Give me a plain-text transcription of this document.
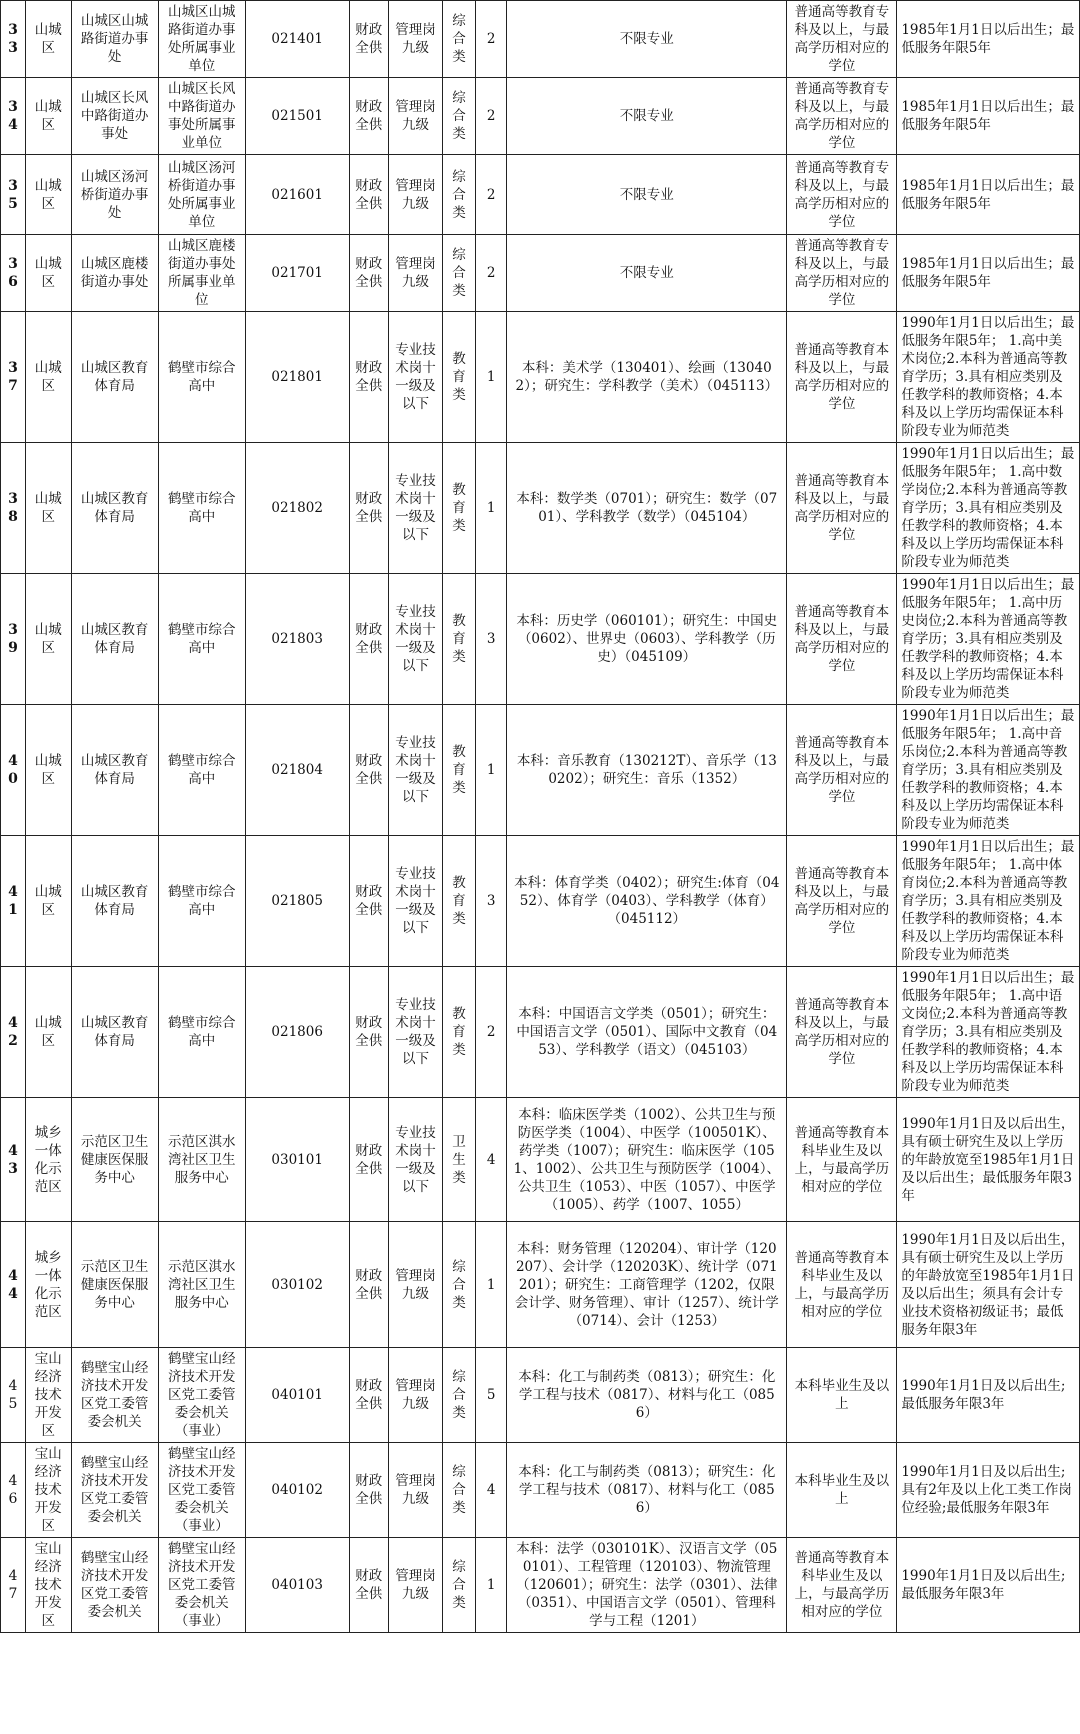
33	山城区	山城区山城路街道办事处	山城区山城路街道办事处所属事业单位	021401	财政全供	管理岗九级	综合类	2	不限专业	普通高等教育专科及以上，与最高学历相对应的学位	1985年1月1日以后出生；最低服务年限5年
34	山城区	山城区长风中路街道办事处	山城区长风中路街道办事处所属事业单位	021501	财政全供	管理岗九级	综合类	2	不限专业	普通高等教育专科及以上，与最高学历相对应的学位	1985年1月1日以后出生；最低服务年限5年
35	山城区	山城区汤河桥街道办事处	山城区汤河桥街道办事处所属事业单位	021601	财政全供	管理岗九级	综合类	2	不限专业	普通高等教育专科及以上，与最高学历相对应的学位	1985年1月1日以后出生；最低服务年限5年
36	山城区	山城区鹿楼街道办事处	山城区鹿楼街道办事处所属事业单位	021701	财政全供	管理岗九级	综合类	2	不限专业	普通高等教育专科及以上，与最高学历相对应的学位	1985年1月1日以后出生；最低服务年限5年
37	山城区	山城区教育体育局	鹤壁市综合高中	021801	财政全供	专业技术岗十一级及以下	教育类	1	本科：美术学（130401）、绘画（130402）；研究生：学科教学（美术）（045113）	普通高等教育本科及以上，与最高学历相对应的学位	1990年1月1日以后出生；最低服务年限5年； 1.高中美术岗位;2.本科为普通高等教育学历；3.具有相应类别及任教学科的教师资格；4.本科及以上学历均需保证本科阶段专业为师范类
38	山城区	山城区教育体育局	鹤壁市综合高中	021802	财政全供	专业技术岗十一级及以下	教育类	1	本科：数学类（0701）；研究生：数学（0701）、学科教学（数学）（045104）	普通高等教育本科及以上，与最高学历相对应的学位	1990年1月1日以后出生；最低服务年限5年； 1.高中数学岗位;2.本科为普通高等教育学历；3.具有相应类别及任教学科的教师资格；4.本科及以上学历均需保证本科阶段专业为师范类
39	山城区	山城区教育体育局	鹤壁市综合高中	021803	财政全供	专业技术岗十一级及以下	教育类	3	本科：历史学（060101）；研究生：中国史（0602）、世界史（0603）、学科教学（历史）（045109）	普通高等教育本科及以上，与最高学历相对应的学位	1990年1月1日以后出生；最低服务年限5年； 1.高中历史岗位;2.本科为普通高等教育学历；3.具有相应类别及任教学科的教师资格；4.本科及以上学历均需保证本科阶段专业为师范类
40	山城区	山城区教育体育局	鹤壁市综合高中	021804	财政全供	专业技术岗十一级及以下	教育类	1	本科：音乐教育（130212T）、音乐学（130202）；研究生：音乐（1352）	普通高等教育本科及以上，与最高学历相对应的学位	1990年1月1日以后出生；最低服务年限5年； 1.高中音乐岗位;2.本科为普通高等教育学历；3.具有相应类别及任教学科的教师资格；4.本科及以上学历均需保证本科阶段专业为师范类
41	山城区	山城区教育体育局	鹤壁市综合高中	021805	财政全供	专业技术岗十一级及以下	教育类	3	本科：体育学类（0402）；研究生:体育（0452）、体育学（0403）、学科教学（体育）（045112）	普通高等教育本科及以上，与最高学历相对应的学位	1990年1月1日以后出生；最低服务年限5年； 1.高中体育岗位;2.本科为普通高等教育学历；3.具有相应类别及任教学科的教师资格；4.本科及以上学历均需保证本科阶段专业为师范类
42	山城区	山城区教育体育局	鹤壁市综合高中	021806	财政全供	专业技术岗十一级及以下	教育类	2	本科：中国语言文学类（0501）；研究生：中国语言文学（0501）、国际中文教育（0453）、学科教学（语文）（045103）	普通高等教育本科及以上，与最高学历相对应的学位	1990年1月1日以后出生；最低服务年限5年； 1.高中语文岗位;2.本科为普通高等教育学历；3.具有相应类别及任教学科的教师资格；4.本科及以上学历均需保证本科阶段专业为师范类
43	城乡一体化示范区	示范区卫生健康医保服务中心	示范区淇水湾社区卫生服务中心	030101	财政全供	专业技术岗十一级及以下	卫生类	4	本科：临床医学类（1002）、公共卫生与预防医学类（1004）、中医学（100501K）、药学类（1007）；研究生：临床医学（1051、1002）、公共卫生与预防医学（1004）、公共卫生（1053）、中医（1057）、中医学（1005）、药学（1007、1055）	普通高等教育本科毕业生及以上，与最高学历相对应的学位	1990年1月1日及以后出生，具有硕士研究生及以上学历的年龄放宽至1985年1月1日及以后出生；最低服务年限3年
44	城乡一体化示范区	示范区卫生健康医保服务中心	示范区淇水湾社区卫生服务中心	030102	财政全供	管理岗九级	综合类	1	本科：财务管理（120204）、审计学（120207）、会计学（120203K）、统计学（071201）；研究生：工商管理学（1202，仅限会计学、财务管理）、审计（1257）、统计学（0714）、会计（1253）	普通高等教育本科毕业生及以上，与最高学历相对应的学位	1990年1月1日及以后出生，具有硕士研究生及以上学历的年龄放宽至1985年1月1日及以后出生；须具有会计专业技术资格初级证书；最低服务年限3年
45	宝山经济技术开发区	鹤壁宝山经济技术开发区党工委管委会机关	鹤壁宝山经济技术开发区党工委管委会机关（事业）	040101	财政全供	管理岗九级	综合类	5	本科：化工与制药类（0813）；研究生：化学工程与技术（0817）、材料与化工（0856）	本科毕业生及以上	1990年1月1日及以后出生;最低服务年限3年
46	宝山经济技术开发区	鹤壁宝山经济技术开发区党工委管委会机关	鹤壁宝山经济技术开发区党工委管委会机关（事业）	040102	财政全供	管理岗九级	综合类	4	本科：化工与制药类（0813）；研究生：化学工程与技术（0817）、材料与化工（0856）	本科毕业生及以上	1990年1月1日及以后出生;具有2年及以上化工类工作岗位经验;最低服务年限3年
47	宝山经济技术开发区	鹤壁宝山经济技术开发区党工委管委会机关	鹤壁宝山经济技术开发区党工委管委会机关（事业）	040103	财政全供	管理岗九级	综合类	1	本科：法学（030101K）、汉语言文学（050101）、工程管理（120103）、物流管理（120601）；研究生：法学（0301）、法律（0351）、中国语言文学（0501）、管理科学与工程（1201）	普通高等教育本科毕业生及以上，与最高学历相对应的学位	1990年1月1日及以后出生;最低服务年限3年
